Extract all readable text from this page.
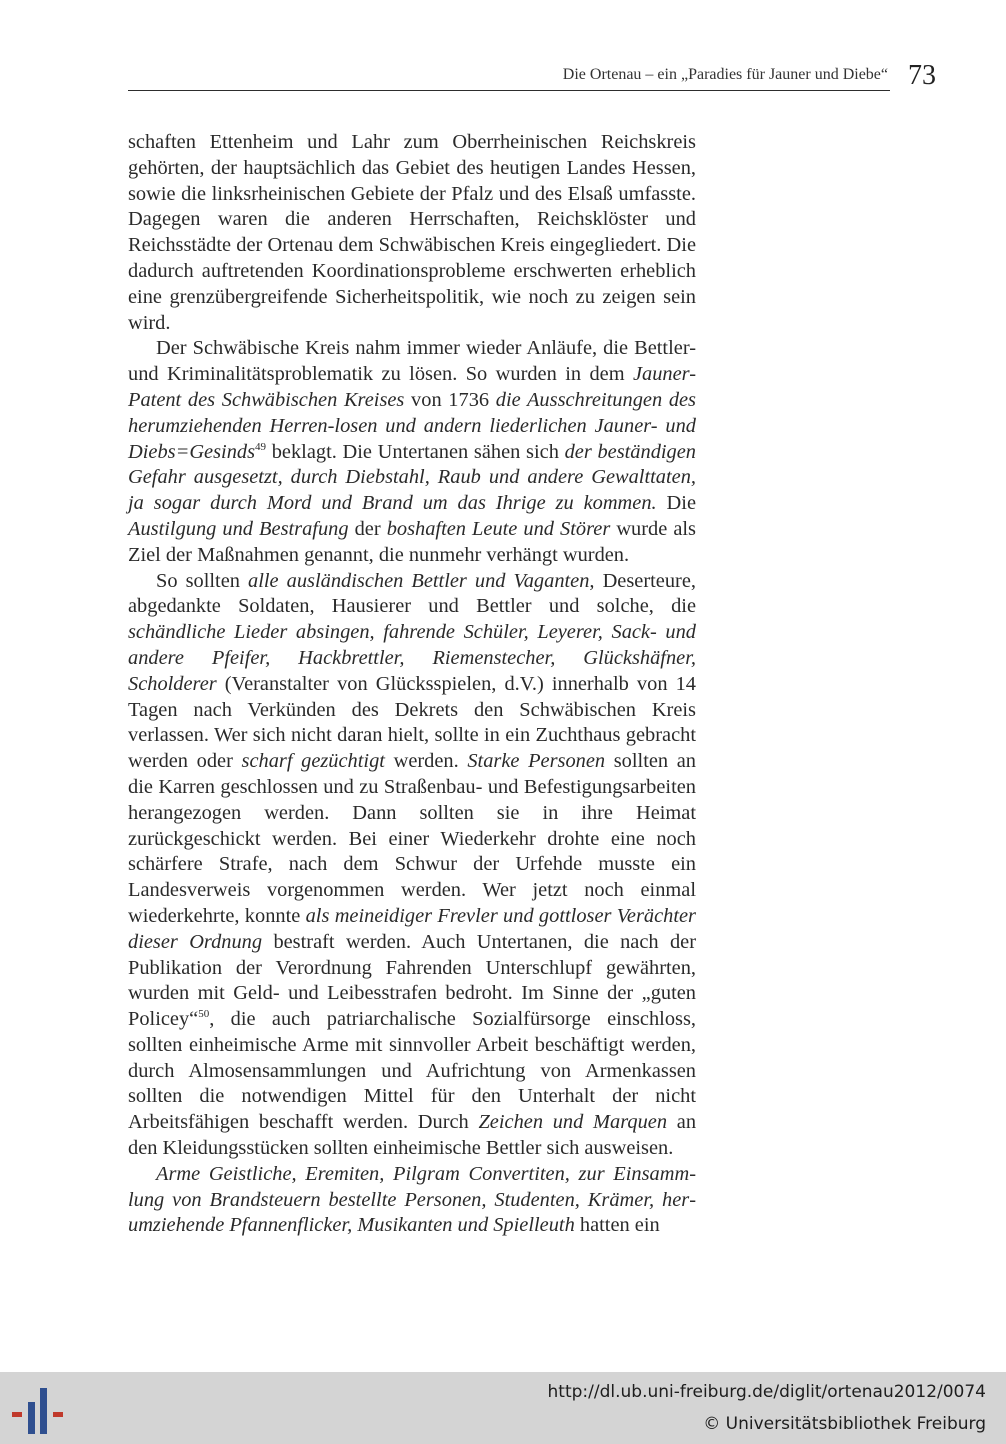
Die Ortenau – ein „Paradies für Jauner und Diebe“ 73

schaften Ettenheim und Lahr zum Oberrheinischen Reichskreis gehörten, der hauptsächlich das Gebiet des heutigen Landes Hessen, sowie die linksrheinischen Gebiete der Pfalz und des Elsaß umfasste. Dagegen waren die anderen Herrschaften, Reichsklöster und Reichsstädte der Ortenau dem Schwäbischen Kreis eingegliedert. Die dadurch auftretenden Koordinationsprobleme erschwerten erheblich eine grenzübergreifende Sicherheitspolitik, wie noch zu zeigen sein wird.

Der Schwäbische Kreis nahm immer wieder Anläufe, die Bettler- und Kriminalitätsproblematik zu lösen. So wurden in dem Jauner-Patent des Schwäbischen Kreises von 1736 die Ausschreitungen des herumziehenden Herren-losen und andern liederlichen Jauner- und Diebs=Gesinds$^{49}$ beklagt. Die Untertanen sähen sich der beständigen Gefahr ausgesetzt, durch Diebstahl, Raub und andere Gewalttaten, ja sogar durch Mord und Brand um das Ihrige zu kommen. Die Austilgung und Bestrafung der boshaften Leute und Störer wurde als Ziel der Maßnahmen genannt, die nunmehr verhängt wurden.

So sollten alle ausländischen Bettler und Vaganten, Deserteure, abgedankte Soldaten, Hausierer und Bettler und solche, die schändliche Lieder absingen, fahrende Schüler, Leyerer, Sack- und andere Pfeifer, Hackbrettler, Riemenstecher, Glückshäfner, Scholderer (Veranstalter von Glücksspielen, d.V.) innerhalb von 14 Tagen nach Verkünden des Dekrets den Schwäbischen Kreis verlassen. Wer sich nicht daran hielt, sollte in ein Zuchthaus gebracht werden oder scharf gezüchtigt werden. Starke Personen sollten an die Karren geschlossen und zu Straßenbau- und Befestigungsarbeiten herangezogen werden. Dann sollten sie in ihre Heimat zurückgeschickt werden. Bei einer Wiederkehr drohte eine noch schärfere Strafe, nach dem Schwur der Urfehde musste ein Landesverweis vorgenommen werden. Wer jetzt noch einmal wiederkehrte, konnte als meineidiger Frevler und gottloser Verächter dieser Ordnung bestraft werden. Auch Untertanen, die nach der Publikation der Verordnung Fahrenden Unterschlupf gewährten, wurden mit Geld- und Leibesstrafen bedroht. Im Sinne der „guten Policey“$^{50}$, die auch patriarchalische Sozialfürsorge einschloss, sollten einheimische Arme mit sinnvoller Arbeit beschäftigt werden, durch Almosensammlungen und Aufrichtung von Armenkassen sollten die notwendigen Mittel für den Unterhalt der nicht Arbeitsfähigen beschafft werden. Durch Zeichen und Marquen an den Kleidungsstücken sollten einheimische Bettler sich ausweisen.

Arme Geistliche, Eremiten, Pilgram Convertiten, zur Einsammlung von Brandsteuern bestellte Personen, Studenten, Krämer, herumziehende Pfannenflicker, Musikanten und Spielleuth hatten ein

http://dl.ub.uni-freiburg.de/diglit/ortenau2012/0074
© Universitätsbibliothek Freiburg
